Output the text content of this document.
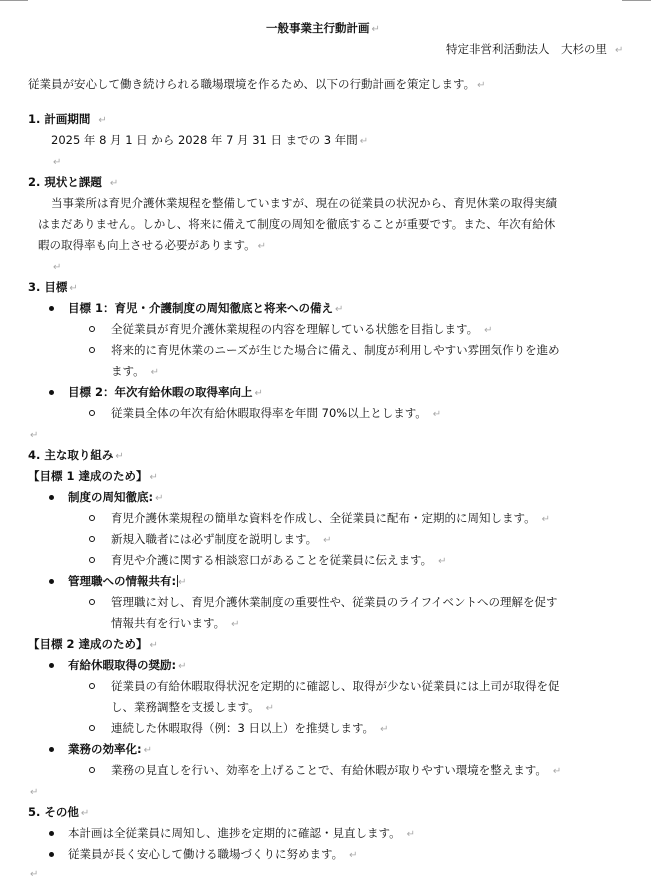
一般事業主行動計画 ↵
特定非営利活動法人　大杉の里 ↵
従業員が安心して働き続けられる職場環境を作るため、以下の行動計画を策定します。 ↵
1. 計画期間 ↵
2025 年 8 月 1 日 から 2028 年 7 月 31 日 までの 3 年間 ↵
↵
2. 現状と課題 ↵
当事業所は育児介護休業規程を整備していますが、現在の従業員の状況から、育児休業の取得実績
はまだありません。しかし、将来に備えて制度の周知を徹底することが重要です。また、年次有給休
暇の取得率も向上させる必要があります。 ↵
↵
3. 目標 ↵
目標 1：育児・介護制度の周知徹底と将来への備え ↵
全従業員が育児介護休業規程の内容を理解している状態を目指します。 ↵
将来的に育児休業のニーズが生じた場合に備え、制度が利用しやすい雰囲気作りを進め
ます。 ↵
目標 2：年次有給休暇の取得率向上 ↵
従業員全体の年次有給休暇取得率を年間 70%以上とします。 ↵
↵
4. 主な取り組み ↵
【目標 1 達成のため】 ↵
制度の周知徹底: ↵
育児介護休業規程の簡単な資料を作成し、全従業員に配布・定期的に周知します。 ↵
新規入職者には必ず制度を説明します。 ↵
育児や介護に関する相談窓口があることを従業員に伝えます。 ↵
管理職への情報共有: ↵
管理職に対し、育児介護休業制度の重要性や、従業員のライフイベントへの理解を促す
情報共有を行います。 ↵
【目標 2 達成のため】 ↵
有給休暇取得の奨励: ↵
従業員の有給休暇取得状況を定期的に確認し、取得が少ない従業員には上司が取得を促
し、業務調整を支援します。 ↵
連続した休暇取得（例：3 日以上）を推奨します。 ↵
業務の効率化: ↵
業務の見直しを行い、効率を上げることで、有給休暇が取りやすい環境を整えます。 ↵
↵
5. その他 ↵
本計画は全従業員に周知し、進捗を定期的に確認・見直します。 ↵
従業員が長く安心して働ける職場づくりに努めます。 ↵
↵
